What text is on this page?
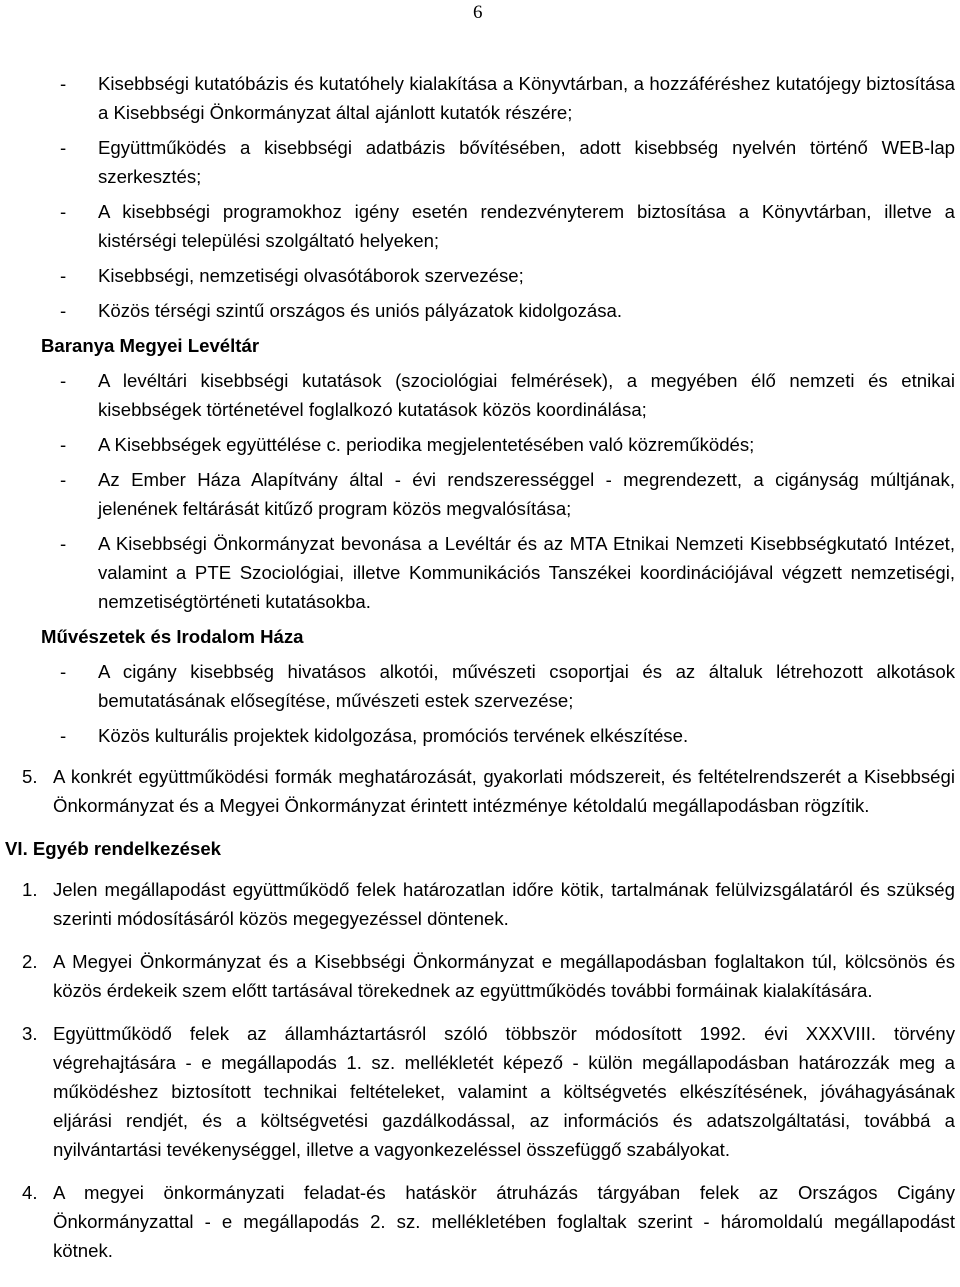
6
- Kisebbségi kutatóbázis és kutatóhely kialakítása a Könyvtárban, a hozzáféréshez kutatójegy biztosítása a Kisebbségi Önkormányzat által ajánlott kutatók részére;
- Együttműködés a kisebbségi adatbázis bővítésében, adott kisebbség nyelvén történő WEB-lap szerkesztés;
- A kisebbségi programokhoz igény esetén rendezvényterem biztosítása a Könyvtárban, illetve a kistérségi települési szolgáltató helyeken;
- Kisebbségi, nemzetiségi olvasótáborok szervezése;
- Közös térségi szintű országos és uniós pályázatok kidolgozása.
Baranya Megyei Levéltár
- A levéltári kisebbségi kutatások (szociológiai felmérések), a megyében élő nemzeti és etnikai kisebbségek történetével foglalkozó kutatások közös koordinálása;
- A Kisebbségek együttélése c. periodika megjelentetésében való közreműködés;
- Az Ember Háza Alapítvány által - évi rendszerességgel - megrendezett, a cigányság múltjának, jelenének feltárását kitűző program közös megvalósítása;
- A Kisebbségi Önkormányzat bevonása a Levéltár és az MTA Etnikai Nemzeti Kisebbségkutató Intézet, valamint a PTE Szociológiai, illetve Kommunikációs Tanszékei koordinációjával végzett nemzetiségi, nemzetiségtörténeti kutatásokba.
Művészetek és Irodalom Háza
- A cigány kisebbség hivatásos alkotói, művészeti csoportjai és az általuk létrehozott alkotások bemutatásának elősegítése, művészeti estek szervezése;
- Közös kulturális projektek kidolgozása, promóciós tervének elkészítése.
5. A konkrét együttműködési formák meghatározását, gyakorlati módszereit, és feltételrendszerét a Kisebbségi Önkormányzat és a Megyei Önkormányzat érintett intézménye kétoldalú megállapodásban rögzítik.
VI. Egyéb rendelkezések
1. Jelen megállapodást együttműködő felek határozatlan időre kötik, tartalmának felülvizsgálatáról és szükség szerinti módosításáról közös megegyezéssel döntenek.
2. A Megyei Önkormányzat és a Kisebbségi Önkormányzat e megállapodásban foglaltakon túl, kölcsönös és közös érdekeik szem előtt tartásával törekednek az együttműködés további formáinak kialakítására.
3. Együttműködő felek az államháztartásról szóló többször módosított 1992. évi XXXVIII. törvény végrehajtására - e megállapodás 1. sz. mellékletét képező - külön megállapodásban határozzák meg a működéshez biztosított technikai feltételeket, valamint a költségvetés elkészítésének, jóváhagyásának eljárási rendjét, és a költségvetési gazdálkodással, az információs és adatszolgáltatási, továbbá a nyilvántartási tevékenységgel, illetve a vagyonkezeléssel összefüggő szabályokat.
4. A megyei önkormányzati feladat-és hatáskör átruházás tárgyában felek az Országos Cigány Önkormányzattal - e megállapodás 2. sz. mellékletében foglaltak szerint - háromoldalú megállapodást kötnek.
